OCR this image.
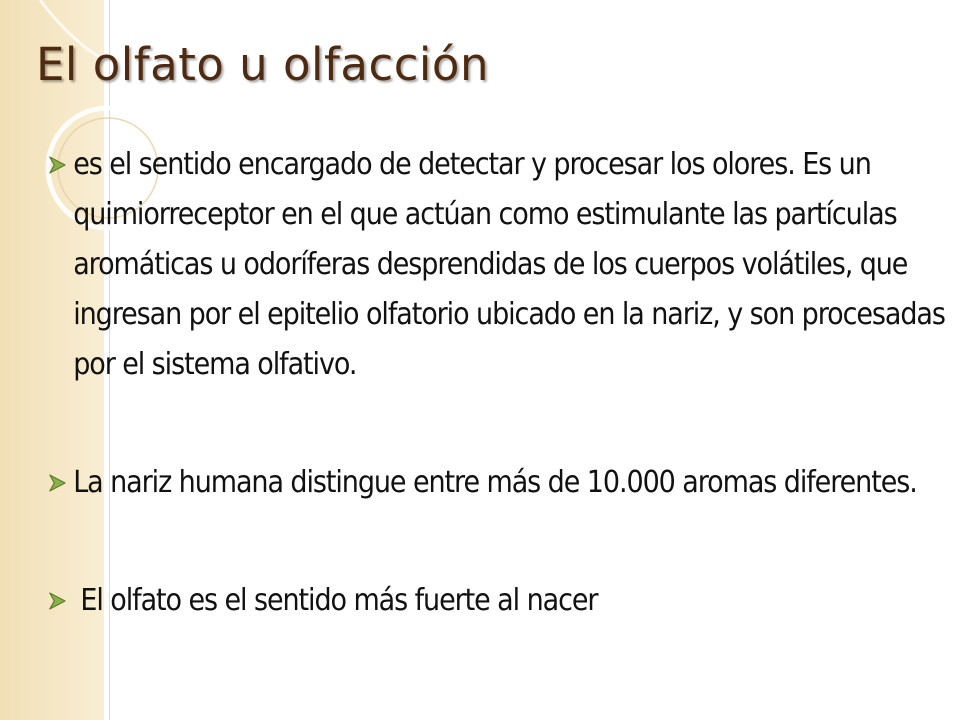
El olfato u olfacción
es el sentido encargado de detectar y procesar los olores. Es un quimiorreceptor en el que actúan como estimulante las partículas aromáticas u odoríferas desprendidas de los cuerpos volátiles, que ingresan por el epitelio olfatorio ubicado en la nariz, y son procesadas por el sistema olfativo.
La nariz humana distingue entre más de 10.000 aromas diferentes.
El olfato es el sentido más fuerte al nacer
